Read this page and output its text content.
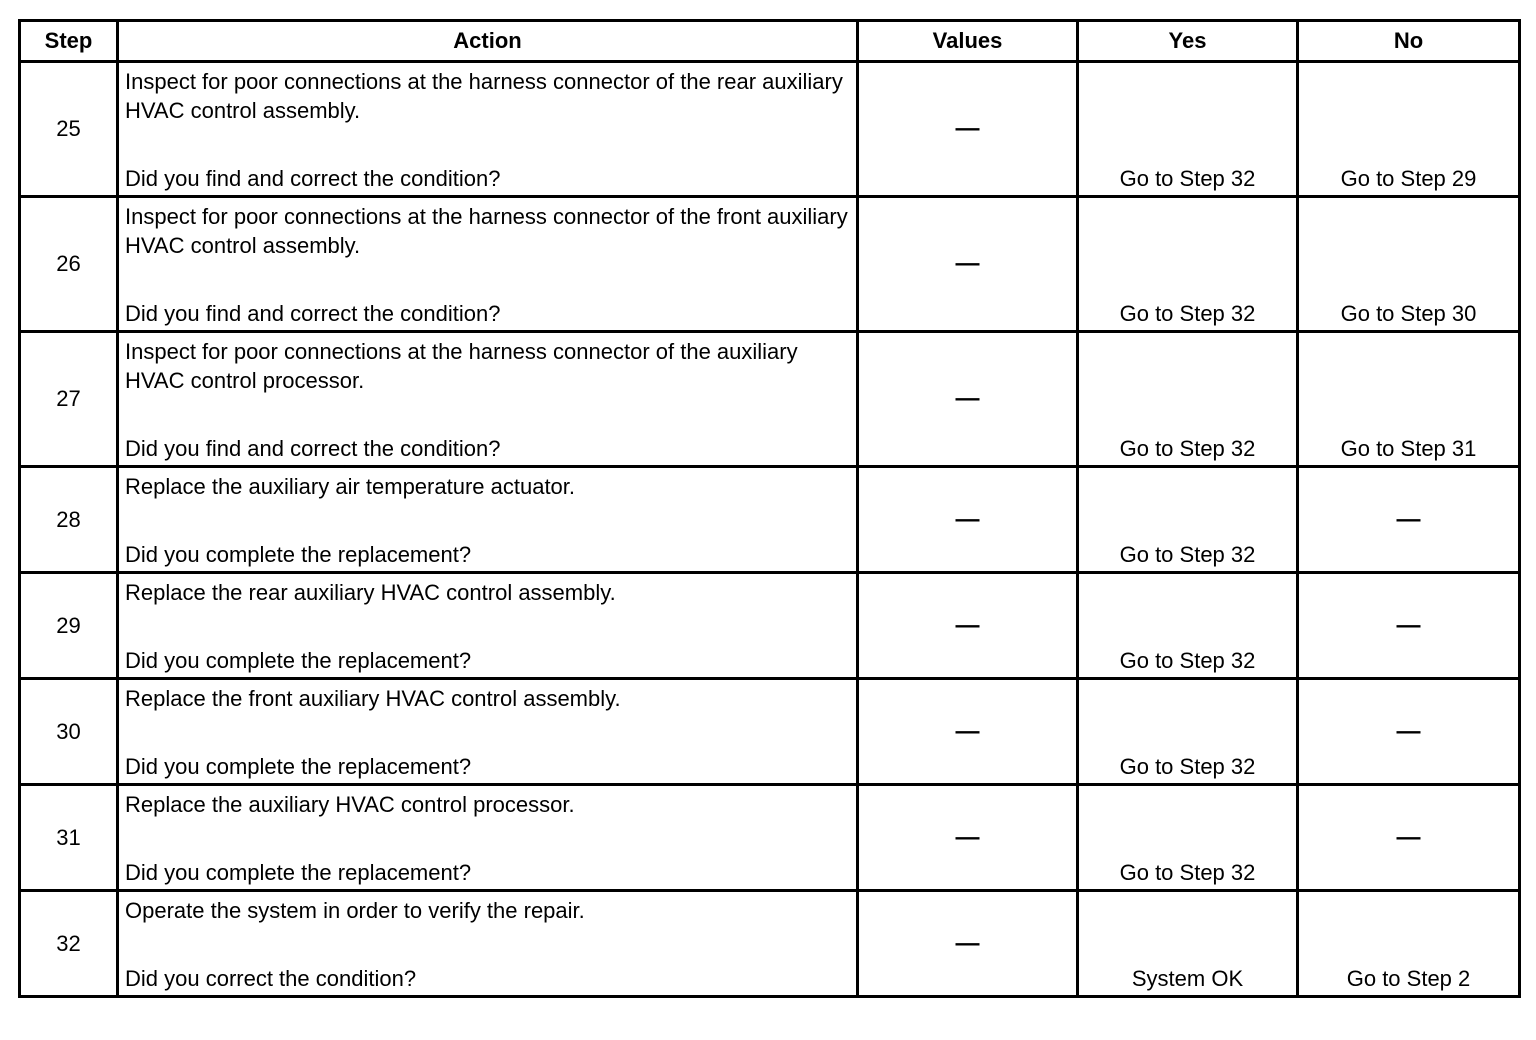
Step	Action	Values	Yes	No

25	Inspect for poor connections at the harness connector of the rear auxiliary HVAC control assembly.
Did you find and correct the condition?	—	Go to Step 32	Go to Step 29

26	Inspect for poor connections at the harness connector of the front auxiliary HVAC control assembly.
Did you find and correct the condition?	—	Go to Step 32	Go to Step 30

27	Inspect for poor connections at the harness connector of the auxiliary HVAC control processor.
Did you find and correct the condition?	—	Go to Step 32	Go to Step 31

28	Replace the auxiliary air temperature actuator.
Did you complete the replacement?	—	Go to Step 32	—

29	Replace the rear auxiliary HVAC control assembly.
Did you complete the replacement?	—	Go to Step 32	—

30	Replace the front auxiliary HVAC control assembly.
Did you complete the replacement?	—	Go to Step 32	—

31	Replace the auxiliary HVAC control processor.
Did you complete the replacement?	—	Go to Step 32	—

32	Operate the system in order to verify the repair.
Did you correct the condition?	—	System OK	Go to Step 2
